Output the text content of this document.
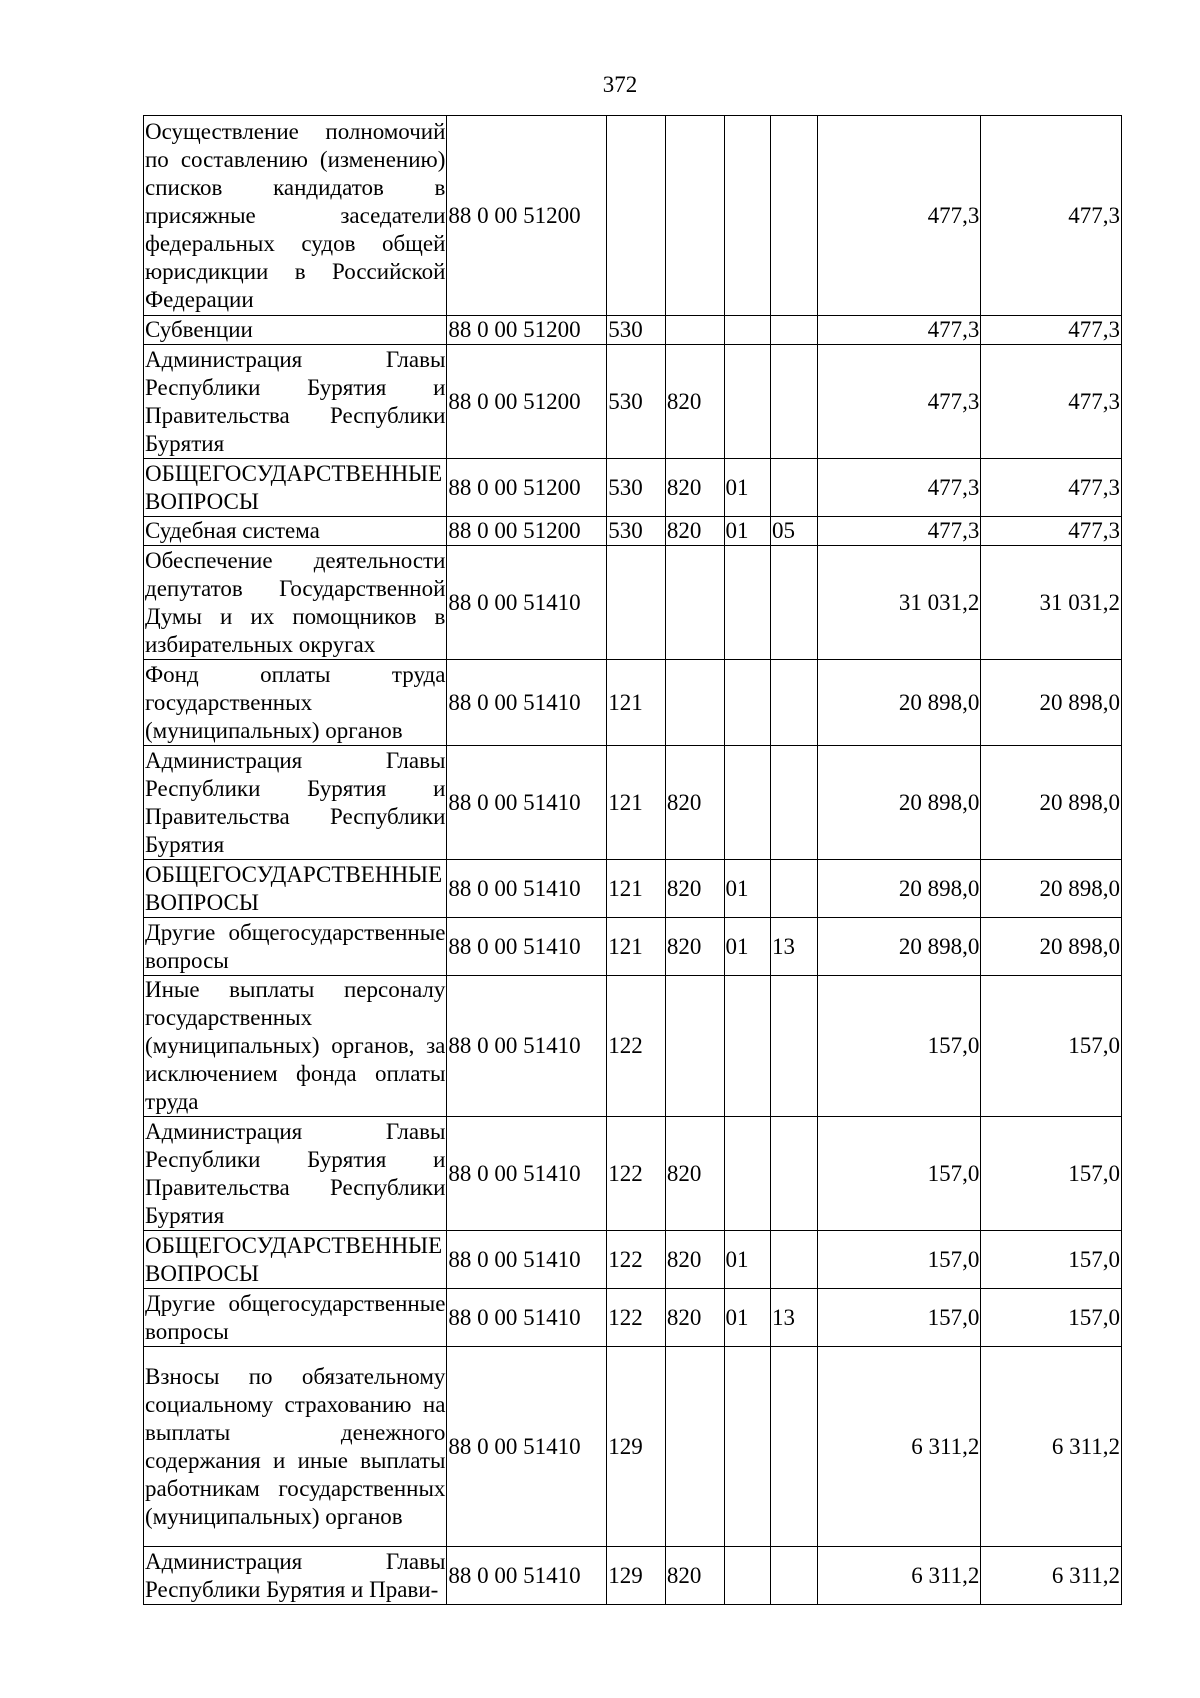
372
Осуществление полномочий по составлению (изменению) списков кандидатов в присяжные заседатели федеральных судов общей юрисдикции в Российской Федерации	88 0 00 51200					477,3	477,3
Субвенции	88 0 00 51200	530				477,3	477,3
Администрация Главы Республики Бурятия и Правительства Республики Бурятия	88 0 00 51200	530	820			477,3	477,3
ОБЩЕГОСУДАРСТВЕННЫЕ ВОПРОСЫ	88 0 00 51200	530	820	01		477,3	477,3
Судебная система	88 0 00 51200	530	820	01	05	477,3	477,3
Обеспечение деятельности депутатов Государственной Думы и их помощников в избирательных округах	88 0 00 51410					31 031,2	31 031,2
Фонд оплаты труда государственных (муниципальных) органов	88 0 00 51410	121				20 898,0	20 898,0
Администрация Главы Республики Бурятия и Правительства Республики Бурятия	88 0 00 51410	121	820			20 898,0	20 898,0
ОБЩЕГОСУДАРСТВЕННЫЕ ВОПРОСЫ	88 0 00 51410	121	820	01		20 898,0	20 898,0
Другие общегосударственные вопросы	88 0 00 51410	121	820	01	13	20 898,0	20 898,0
Иные выплаты персоналу государственных (муниципальных) органов, за исключением фонда оплаты труда	88 0 00 51410	122				157,0	157,0
Администрация Главы Республики Бурятия и Правительства Республики Бурятия	88 0 00 51410	122	820			157,0	157,0
ОБЩЕГОСУДАРСТВЕННЫЕ ВОПРОСЫ	88 0 00 51410	122	820	01		157,0	157,0
Другие общегосударственные вопросы	88 0 00 51410	122	820	01	13	157,0	157,0
Взносы по обязательному социальному страхованию на выплаты денежного содержания и иные выплаты работникам государственных (муниципальных) органов	88 0 00 51410	129				6 311,2	6 311,2
Администрация Главы Республики Бурятия и Прави-	88 0 00 51410	129	820			6 311,2	6 311,2
